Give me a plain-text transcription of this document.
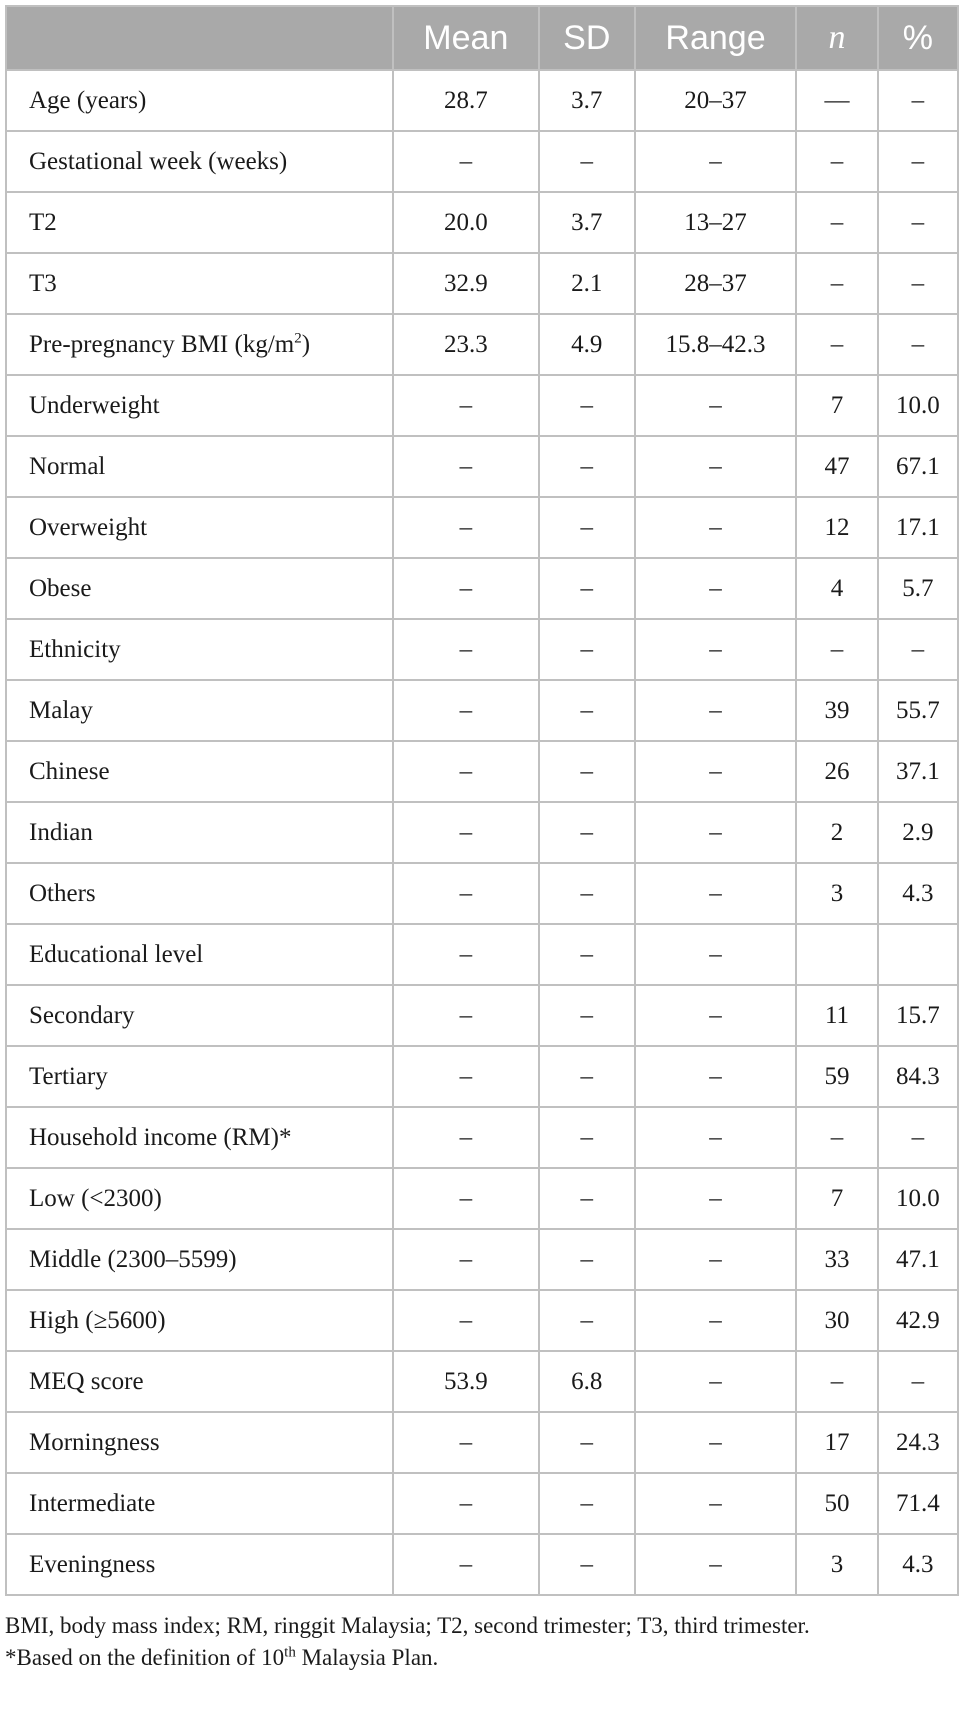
	Mean	SD	Range	n	%
Age (years)	28.7	3.7	20–37	—	–
Gestational week (weeks)	–	–	–	–	–
T2	20.0	3.7	13–27	–	–
T3	32.9	2.1	28–37	–	–
Pre-pregnancy BMI $(kg/m^2)$	23.3	4.9	15.8–42.3	–	–
Underweight	–	–	–	7	10.0
Normal	–	–	–	47	67.1
Overweight	–	–	–	12	17.1
Obese	–	–	–	4	5.7
Ethnicity	–	–	–	–	–
Malay	–	–	–	39	55.7
Chinese	–	–	–	26	37.1
Indian	–	–	–	2	2.9
Others	–	–	–	3	4.3
Educational level	–	–	–		
Secondary	–	–	–	11	15.7
Tertiary	–	–	–	59	84.3
Household income (RM)*	–	–	–	–	–
Low (<2300)	–	–	–	7	10.0
Middle (2300–5599)	–	–	–	33	47.1
High (≥5600)	–	–	–	30	42.9
MEQ score	53.9	6.8	–	–	–
Morningness	–	–	–	17	24.3
Intermediate	–	–	–	50	71.4
Eveningness	–	–	–	3	4.3
BMI, body mass index; RM, ringgit Malaysia; T2, second trimester; T3, third trimester.
*Based on the definition of 10th Malaysia Plan.
